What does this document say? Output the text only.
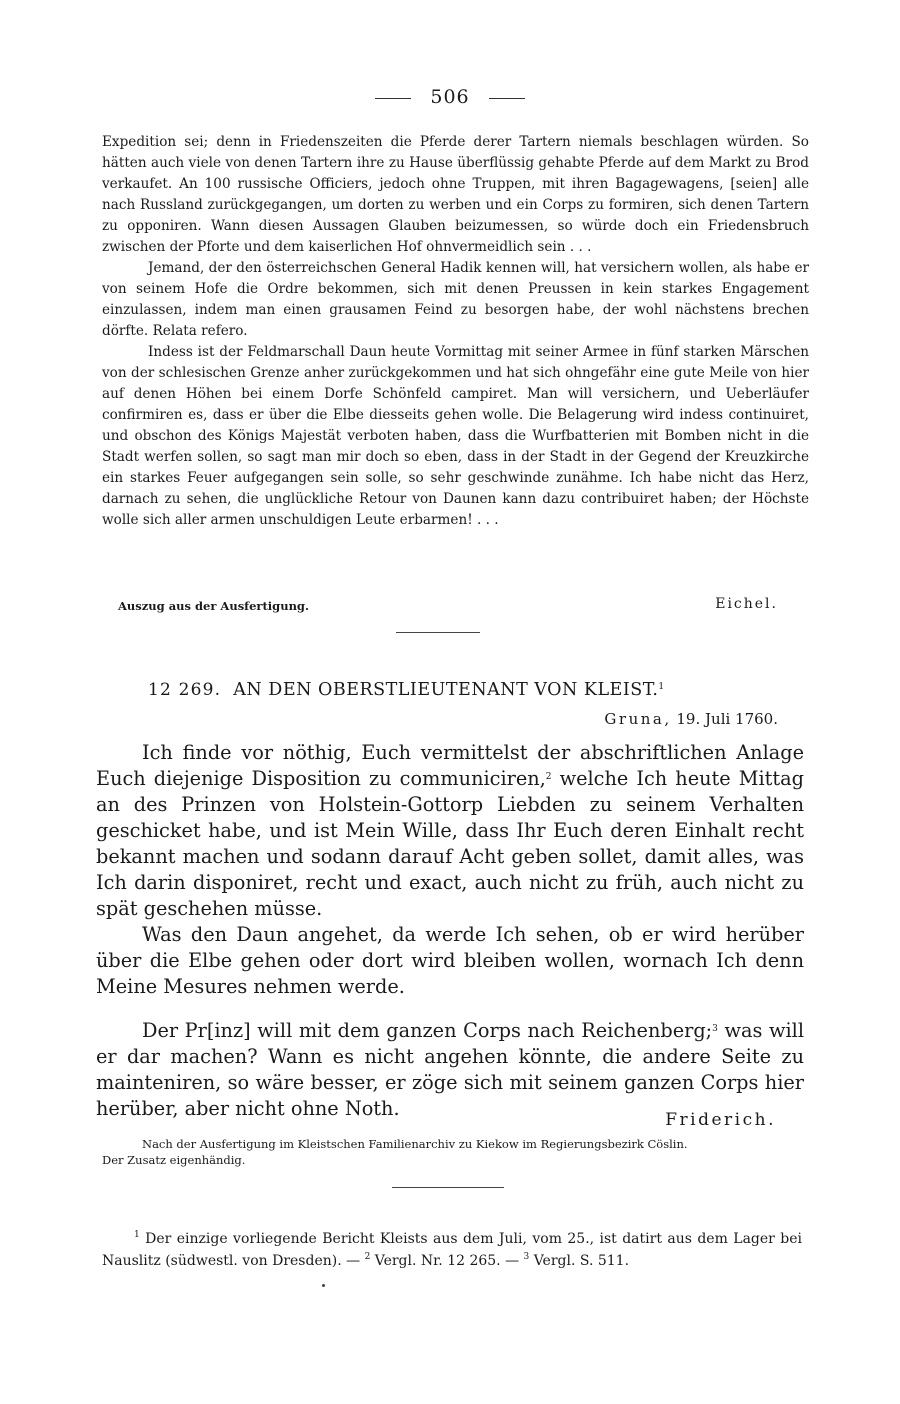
506

Expedition sei; denn in Friedenszeiten die Pferde derer Tartern niemals beschlagen würden. So hätten auch viele von denen Tartern ihre zu Hause überflüssig gehabte Pferde auf dem Markt zu Brod verkaufet. An 100 russische Officiers, jedoch ohne Truppen, mit ihren Bagagewagens, [seien] alle nach Russland zurückgegangen, um dorten zu werben und ein Corps zu formiren, sich denen Tartern zu opponiren. Wann diesen Aussagen Glauben beizumessen, so würde doch ein Friedensbruch zwischen der Pforte und dem kaiserlichen Hof ohnvermeidlich sein . . .

Jemand, der den österreichschen General Hadik kennen will, hat versichern wollen, als habe er von seinem Hofe die Ordre bekommen, sich mit denen Preussen in kein starkes Engagement einzulassen, indem man einen grausamen Feind zu besorgen habe, der wohl nächstens brechen dörfte. Relata refero.

Indess ist der Feldmarschall Daun heute Vormittag mit seiner Armee in fünf starken Märschen von der schlesischen Grenze anher zurückgekommen und hat sich ohngefähr eine gute Meile von hier auf denen Höhen bei einem Dorfe Schönfeld campiret. Man will versichern, und Ueberläufer confirmiren es, dass er über die Elbe diesseits gehen wolle. Die Belagerung wird indess continuiret, und obschon des Königs Majestät verboten haben, dass die Wurfbatterien mit Bomben nicht in die Stadt werfen sollen, so sagt man mir doch so eben, dass in der Stadt in der Gegend der Kreuzkirche ein starkes Feuer aufgegangen sein solle, so sehr geschwinde zunähme. Ich habe nicht das Herz, darnach zu sehen, die unglückliche Retour von Daunen kann dazu contribuiret haben; der Höchste wolle sich aller armen unschuldigen Leute erbarmen! . . .

Auszug aus der Ausfertigung.	Eichel.
12 269. AN DEN OBERSTLIEUTENANT VON KLEIST.$^1$
Gruna, 19. Juli 1760.

Ich finde vor nöthig, Euch vermittelst der abschriftlichen Anlage Euch diejenige Disposition zu communiciren,$^2$ welche Ich heute Mittag an des Prinzen von Holstein-Gottorp Liebden zu seinem Verhalten geschicket habe, und ist Mein Wille, dass Ihr Euch deren Einhalt recht bekannt machen und sodann darauf Acht geben sollet, damit alles, was Ich darin disponiret, recht und exact, auch nicht zu früh, auch nicht zu spät geschehen müsse.

Was den Daun angehet, da werde Ich sehen, ob er wird herüber über die Elbe gehen oder dort wird bleiben wollen, wornach Ich denn Meine Mesures nehmen werde.

Der Pr[inz] will mit dem ganzen Corps nach Reichenberg;$^3$ was will er dar machen? Wann es nicht angehen könnte, die andere Seite zu mainteniren, so wäre besser, er zöge sich mit seinem ganzen Corps hier herüber, aber nicht ohne Noth.	Friderich.
Nach der Ausfertigung im Kleistschen Familienarchiv zu Kiekow im Regierungsbezirk Cöslin.
Der Zusatz eigenhändig.

$^1$ Der einzige vorliegende Bericht Kleists aus dem Juli, vom 25., ist datirt aus dem Lager bei Nauslitz (südwestl. von Dresden). — $^2$ Vergl. Nr. 12 265. — $^3$ Vergl. S. 511.
